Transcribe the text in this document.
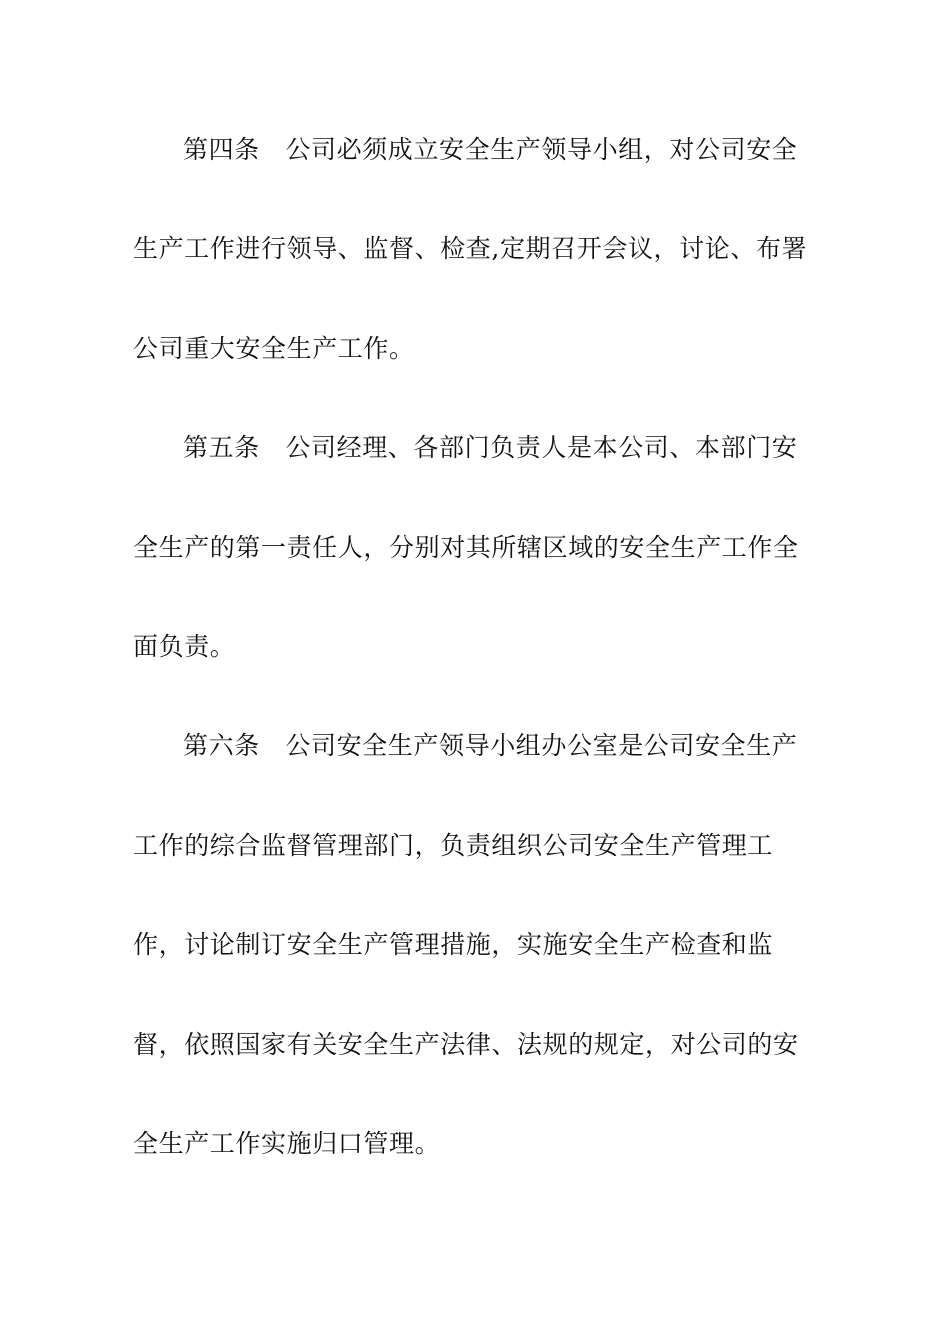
第四条　公司必须成立安全生产领导小组，对公司安全
生产工作进行领导、监督、检查,定期召开会议，讨论、布署
公司重大安全生产工作。
第五条　公司经理、各部门负责人是本公司、本部门安
全生产的第一责任人，分别对其所辖区域的安全生产工作全
面负责。
第六条　公司安全生产领导小组办公室是公司安全生产
工作的综合监督管理部门，负责组织公司安全生产管理工
作，讨论制订安全生产管理措施，实施安全生产检查和监
督，依照国家有关安全生产法律、法规的规定，对公司的安
全生产工作实施归口管理。
